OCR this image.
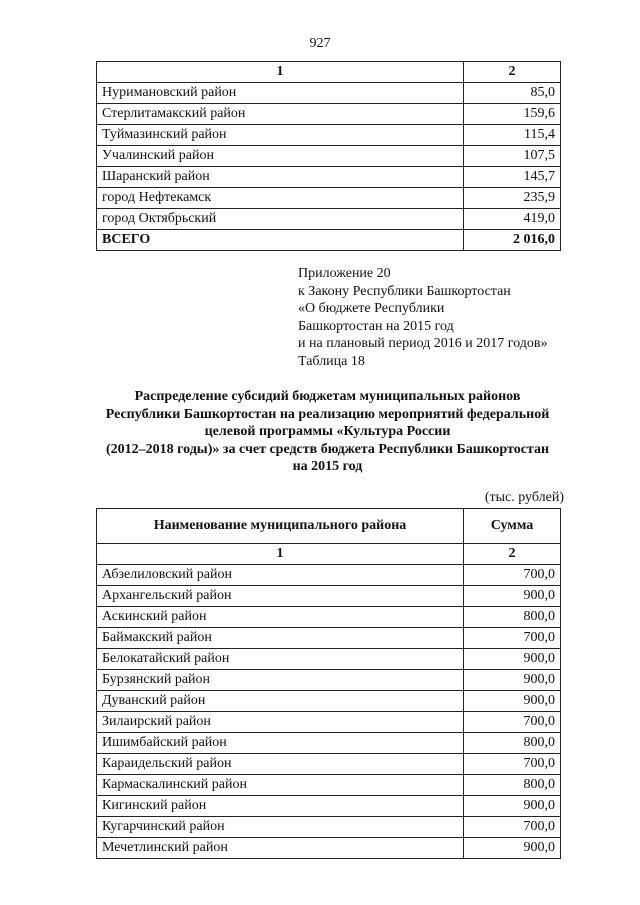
927
1	2
Нуримановский район	85,0
Стерлитамакский район	159,6
Туймазинский район	115,4
Учалинский район	107,5
Шаранский район	145,7
город Нефтекамск	235,9
город Октябрьский	419,0
ВСЕГО	2 016,0
Приложение 20
к Закону Республики Башкортостан
«О бюджете Республики
Башкортостан на 2015 год
и на плановый период 2016 и 2017 годов»
Таблица 18
Распределение субсидий бюджетам муниципальных районов
Республики Башкортостан на реализацию мероприятий федеральной
целевой программы «Культура России
(2012–2018 годы)» за счет средств бюджета Республики Башкортостан
на 2015 год
(тыс. рублей)
Наименование муниципального района	Сумма
1	2
Абзелиловский район	700,0
Архангельский район	900,0
Аскинский район	800,0
Баймакский район	700,0
Белокатайский район	900,0
Бурзянский район	900,0
Дуванский район	900,0
Зилаирский район	700,0
Ишимбайский район	800,0
Караидельский район	700,0
Кармаскалинский район	800,0
Кигинский район	900,0
Кугарчинский район	700,0
Мечетлинский район	900,0
